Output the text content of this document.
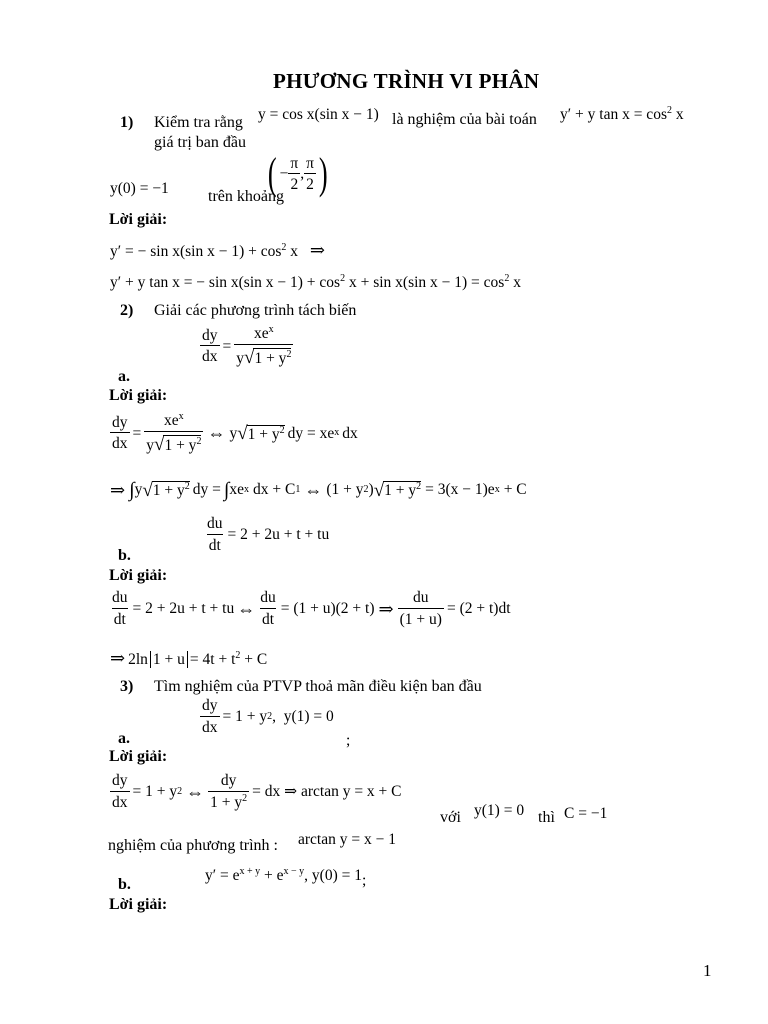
PHƯƠNG TRÌNH VI PHÂN
1) Kiểm tra rằng y = cos x(sin x − 1) là nghiệm của bài toán y′ + y $\tan x = \cos^2 x$
giá trị ban đầu
y(0) = −1 trên khoảng
( − $\frac{\pi}{2}$ , $\frac{\pi}{2}$ )
Lời giải:
y′ = − sin x(sin $x - 1) + \cos^2 x$ ⇒
y′ + y tan x = − sin x(sin $x - 1) + \cos^2 x + \sin x(\sin$ $x - 1) = \cos^2 x$
2) Giải các phương trình tách biến
$\frac{dy}{dx} = \frac{xe^x}{y√1 + y^2}$
a.
Lời giải:
$\frac{dy}{dx} = \frac{xe^x}{y√1 + y^2}$ ⇔ y √ $1 + y^2$ dy = xe x dx
⇒ ∫ y √ $1 + y^2$ dy = ∫ xe x dx + C 1 ⇔ (1 + y 2 ) √ $1 + y^2 = 3(x - 1)e$ x + C
$\frac{du}{dt} = 2 + 2u + t$ + tu
b.
Lời giải:
$\frac{du}{dt} = 2 + 2u + t$ + tu ⇔ $\frac{du}{dt} = (1 + u)(2 + t)$ ⇒ $\frac{du}{(1 + u)} = (2 + t)dt$
⇒ 2ln $1 + u = 4t + t^2 + C$
3) Tìm nghiệm của PTVP thoả mãn điều kiện ban đầu
$\frac{dy}{dx} = 1 + y$ 2 ,  y(1) = 0
;
a.
Lời giải:
$\frac{dy}{dx} = 1 + y$ 2 ⇔ $\frac{dy}{1 + y^2}$ = dx ⇒ arctan y = x + C
với y(1) = 0 thì C = −1
nghiệm của phương trình : arctan y = x − 1
b.
$y' = e^{x + y} + e^{x - y}$, y(0) = 1;
Lời giải:
1
